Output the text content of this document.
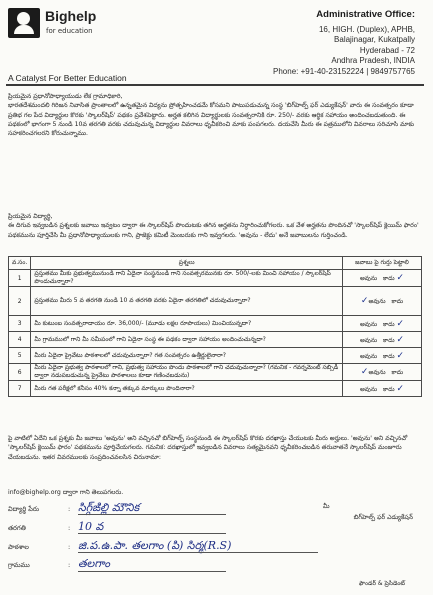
Bighelp
for education
A Catalyst For Better Education
Administrative Office:
16, HIGH. (Duplex), APHB,
Balajinagar, Kukatpally
Hyderabad - 72
Andhra Pradesh, INDIA
Phone: +91-40-23152224 | 9849757765
ప్రియమైన ప్రధానోపాధ్యాయుడు లేక గ్రామాధికారి,
భారతదేశమందలి గిరిజన నివాసిత ప్రాంతాలలో ఉన్నతమైన విద్యను ప్రోత్సహించడమే కోసమని పాటుపడుచున్న సంస్థ 'బిగ్‌హెల్ప్ ఫర్ ఎడ్యుకేషన్' వారు ఈ సంవత్సరం కూడా ప్రతిభ గల పేద విద్యార్థుల కొరకు 'స్కాలర్‌షిప్' పథకం ప్రవేశపెట్టారు. అర్హత కలిగిన విద్యార్థులకు సంవత్సరానికి రూ. 250/- వరకు ఆర్థిక సహాయం అందించబడుతుంది. ఈ పథకంలో భాగంగా 5 నుండి 10వ తరగతి వరకు చదువుచున్న విద్యార్థుల వివరాలు ధృవీకరించి మాకు పంపగలరు. దయచేసి మీరు ఈ పత్రములోని వివరాలు సరిచూసి మాకు సహకరించగలరని కోరుచున్నాము.
ప్రియమైన విద్యార్థి,
ఈ దిగువ ఇవ్వబడిన ప్రశ్నలకు జవాబు ఇవ్వటం ద్వారా ఈ స్కాలర్‌షిప్ పొందుటకు తగిన అర్హతను నిర్ధారించుకోగలరు. ఒక వేళ అర్హతను పొందినచో 'స్కాలర్‌షిప్ క్లెయిమ్ ఫారం' పథకమును పూర్తిచేసి మీ ప్రధానోపాధ్యాయులకు గాని, ప్రాజెక్టు కమిటీ మెంబరుకు గాని ఇవ్వగలరు. 'అవును - లేదు' అనే జవాబులను గుర్తించండి.
వ.సం.	ప్రశ్నలు	జవాబు పై గుర్తు పెట్టాలి
1	ప్రస్తుతము మీకు ప్రభుత్వమునుండి గాని ఏదైనా సంస్థనుండి గాని సంవత్సరమునకు రూ. 500/-లకు మించి సహాయం / స్కాలర్‌షిప్ పొందుచున్నారా?	అవును కాదు ✓
2	ప్రస్తుతము మీరు 5 వ తరగతి నుండి 10 వ తరగతి వరకు ఏదైనా తరగతిలో చదువుచున్నారా?	✓అవును కాదు
3	మీ కుటుంబ సంవత్సరాదాయం రూ. 36,000/- (మూడు లక్షల రూపాయలు) మించియున్నదా?	అవును కాదు ✓
4	మీ గ్రామములో గాని మీ సమీపంలో గాని ఏదైనా సంస్థ ఈ పథకం ద్వారా సహాయం అందించుచున్నదా?	అవును కాదు ✓
5	మీరు ఏదైనా ప్రైవేటు పాఠశాలలో చదువుచున్నారా? గత సంవత్సరం ఉత్తీర్ణులైనారా?	అవును కాదు ✓
6	మీరు ఏదైనా ప్రభుత్వ పాఠశాలలో గాని, ప్రభుత్వ సహాయం పొందు పాఠశాలలో గాని చదువుచున్నారా? (గమనిక - గవర్నమెంట్ సబ్సిడీ ద్వారా నడుపబడుచున్న ప్రైవేటు పాఠశాలలు కూడా గణించబడును)	✓అవును కాదు
7	మీరు గత పరీక్షలో కనీసం 40% కన్నా తక్కువ మార్కులు పొందినారా?	అవును కాదు ✓
పై వాటిలో ఏదేని ఒక ప్రశ్నకు మీ జవాబు 'అవును' అని వచ్చినచో బిగ్‌హెల్ప్ సంస్థనుండి ఈ స్కాలర్‌షిప్ కొరకు దరఖాస్తు చేయుటకు మీరు అర్హులు. 'అవును' అని వచ్చినచో 'స్కాలర్‌షిప్ క్లెయిమ్ ఫారం' పథకమును పూర్తిచేయగలరు. గమనిక: దరఖాస్తులో ఇవ్వబడిన వివరాలు సత్యమైనవని ధృవీకరించబడిన తరువాతనే స్కాలర్‌షిప్ మంజూరు చేయబడును. ఇతర వివరములకు సంప్రదించవలసిన చిరునామా:
info@bighelp.org ద్వారా గాని తెలుపగలరు.
విద్యార్థి పేరు	: సిగ్గ్‌ఙిల్లి మౌనిక
తరగతి	: 10 వ
పాఠశాల	: జి.ప.ఉ.పా. తలగాం (పి) సిర్మ(R.S)
గ్రామము	: తలగాం
మీ
బిగ్‌హెల్ప్ ఫర్ ఎడ్యుకేషన్
ఫౌండర్ & ప్రెసిడెంట్
